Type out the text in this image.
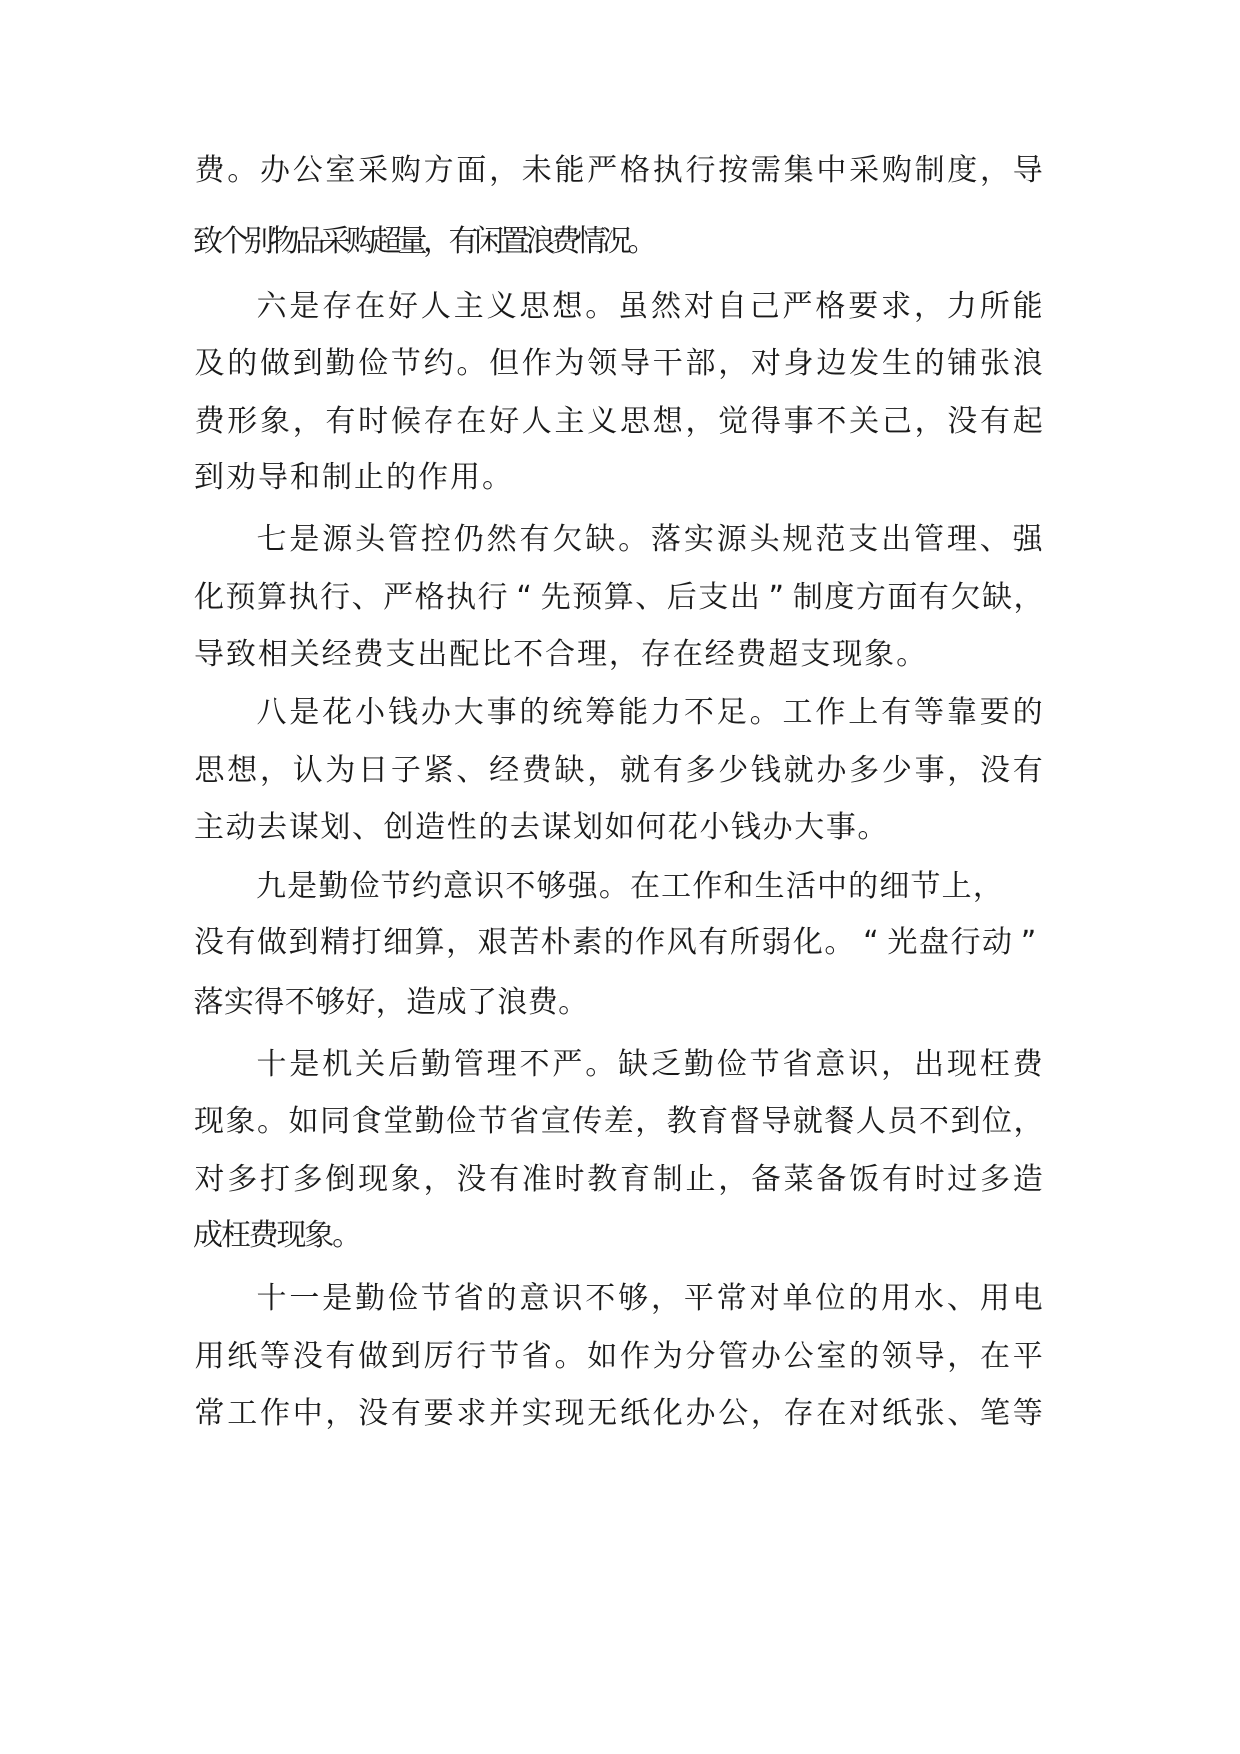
费 。 办 公 室 采 购 方 面 ， 未 能 严 格 执 行 按 需 集 中 采 购 制 度 ， 导

致
个
别
物
品
采
购
超
量
，
有
闲
置
浪
费
情
况
。

六 是 存 在 好 人 主 义 思 想 。 虽 然 对 自 己 严 格 要 求 ， 力 所 能

及 的 做 到 勤 俭 节 约 。 但 作 为 领 导 干 部 ， 对 身 边 发 生 的 铺 张 浪

费 形 象 ， 有 时 候 存 在 好 人 主 义 思 想 ， 觉 得 事 不 关 己 ， 没 有 起

到 劝 导 和 制 止 的 作 用 。

七 是 源 头 管 控 仍 然 有 欠 缺 。 落 实 源 头 规 范 支 出 管 理 、 强

化 预 算 执 行 、 严 格 执 行 “ 先 预 算 、 后 支 出 ” 制 度 方 面 有 欠 缺 ，

导 致 相 关 经 费 支 出 配 比 不 合 理 ， 存 在 经 费 超 支 现 象 。

八 是 花 小 钱 办 大 事 的 统 筹 能 力 不 足 。 工 作 上 有 等 靠 要 的

思 想 ， 认 为 日 子 紧 、 经 费 缺 ， 就 有 多 少 钱 就 办 多 少 事 ， 没 有

主 动 去 谋 划 、 创 造 性 的 去 谋 划 如 何 花 小 钱 办 大 事 。

九 是 勤 俭 节 约 意 识 不 够 强 。 在 工 作 和 生 活 中 的 细 节 上 ，

没 有 做 到 精 打 细 算 ， 艰 苦 朴 素 的 作 风 有 所 弱 化 。 “ 光 盘 行 动 ”

落 实 得 不 够 好 ， 造 成 了 浪 费 。

十 是 机 关 后 勤 管 理 不 严 。 缺 乏 勤 俭 节 省 意 识 ， 出 现 枉 费

现 象 。 如 同 食 堂 勤 俭 节 省 宣 传 差 ， 教 育 督 导 就 餐 人 员 不 到 位 ，

对 多 打 多 倒 现 象 ， 没 有 准 时 教 育 制 止 ， 备 菜 备 饭 有 时 过 多 造

成
枉
费
现
象
。

十 一 是 勤 俭 节 省 的 意 识 不 够 ， 平 常 对 单 位 的 用 水 、 用 电

用 纸 等 没 有 做 到 厉 行 节 省 。 如 作 为 分 管 办 公 室 的 领 导 ， 在 平

常 工 作 中 ， 没 有 要 求 并 实 现 无 纸 化 办 公 ， 存 在 对 纸 张 、 笔 等
